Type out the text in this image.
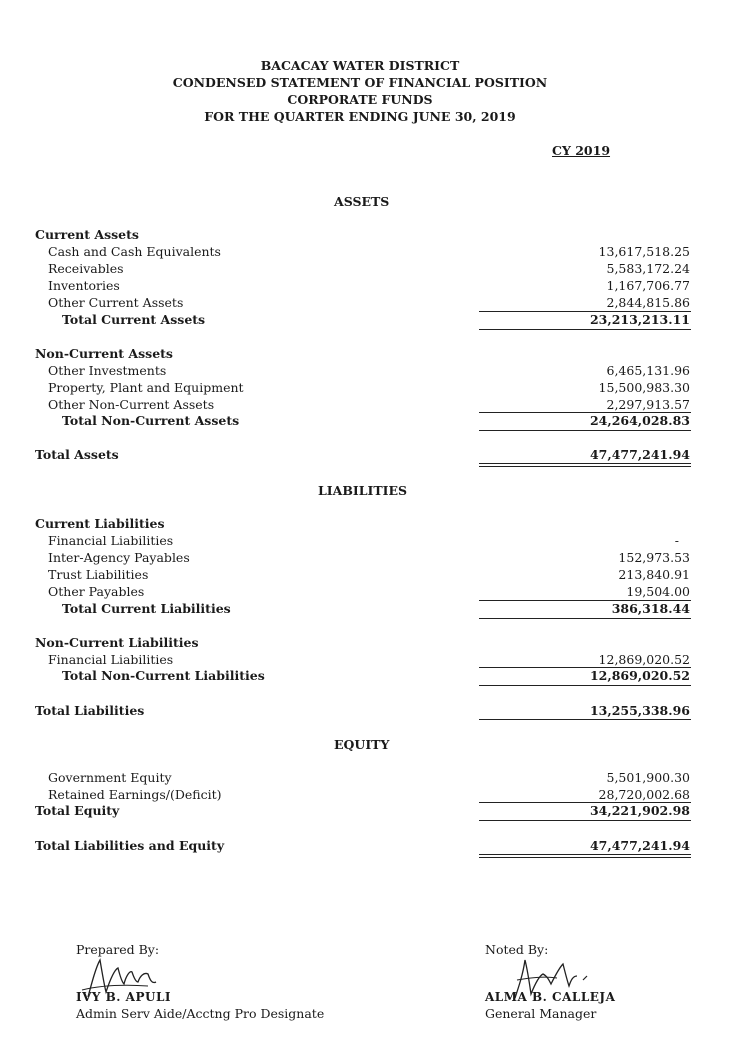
BACACAY WATER DISTRICT
CONDENSED STATEMENT OF FINANCIAL POSITION
CORPORATE FUNDS
FOR THE QUARTER ENDING JUNE 30, 2019
CY 2019
ASSETS
Current Assets
Cash and Cash Equivalents	13,617,518.25
Receivables	5,583,172.24
Inventories	1,167,706.77
Other Current Assets	2,844,815.86
Total Current Assets	23,213,213.11
Non-Current Assets
Other Investments	6,465,131.96
Property, Plant and Equipment	15,500,983.30
Other Non-Current Assets	2,297,913.57
Total Non-Current Assets	24,264,028.83
Total Assets	47,477,241.94
LIABILITIES
Current Liabilities
Financial Liabilities	-
Inter-Agency Payables	152,973.53
Trust Liabilities	213,840.91
Other Payables	19,504.00
Total Current Liabilities	386,318.44
Non-Current Liabilities
Financial Liabilities	12,869,020.52
Total Non-Current Liabilities	12,869,020.52
Total Liabilities	13,255,338.96
EQUITY
Government Equity	5,501,900.30
Retained Earnings/(Deficit)	28,720,002.68
Total Equity	34,221,902.98
Total Liabilities and Equity	47,477,241.94
Prepared By:
IVY B. APULI
Admin Serv Aide/Acctng Pro Designate
Noted By:
ALMA B. CALLEJA
General Manager
